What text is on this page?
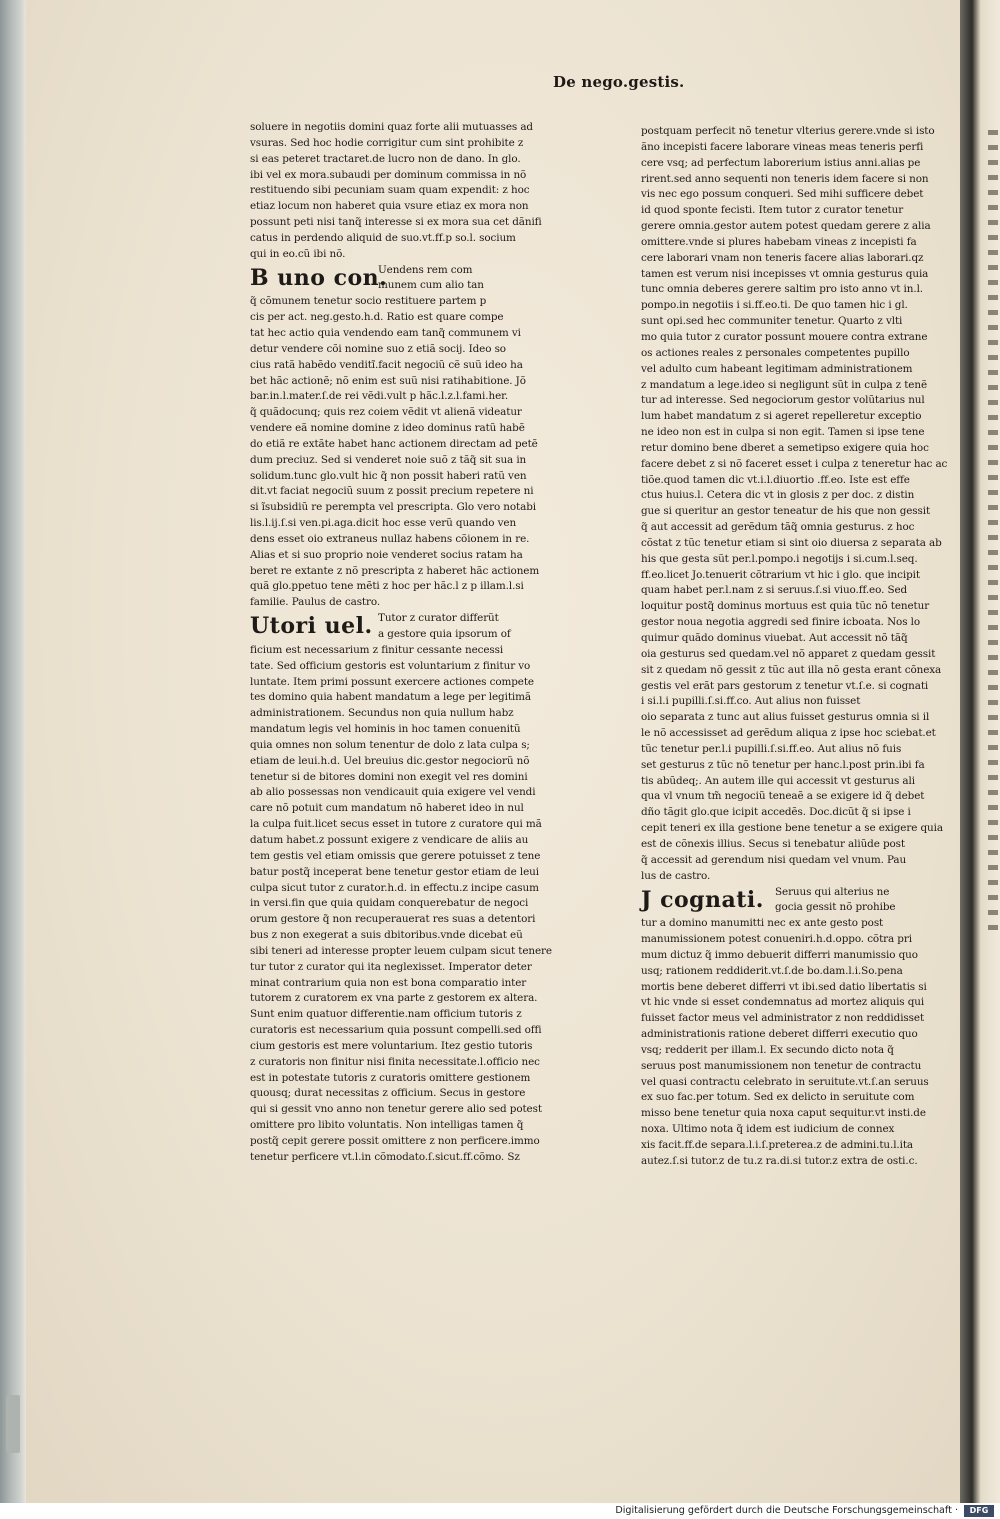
De nego.gestis.

soluere in negotiis domini quaz forte alii mutuasses ad
vsuras. Sed hoc hodie corrigitur cum sint prohibite z
si eas peteret tractaret.de lucro non de dano. In glo.
ibi vel ex mora.subaudi per dominum commissa in nõ
restituendo sibi pecuniam suam quam expendit: z hoc
etiaz locum non haberet quia vsure etiaz ex mora non
possunt peti nisi tanq̃ interesse si ex mora sua cet dãnifi
catus in perdendo aliquid de suo.vt.ff.p so.l. socium
qui in eo.cũ ibi nõ.
B uno con.
Uendens rem com
munem cum alio tan
q̃ cõmunem tenetur socio restituere partem p
cis per act. neg.gesto.h.d. Ratio est quare compe
tat hec actio quia vendendo eam tanq̃ communem vi
detur vendere cõi nomine suo z etiã socij. Ideo so
cius ratã habẽdo venditĩ.facit negociũ cẽ suũ ideo ha
bet hãc actionẽ; nõ enim est suũ nisi ratihabitione. Jõ
bar.in.l.mater.ſ.de rei vẽdi.vult p hãc.l.z.l.fami.her.
q̃ quãdocunq; quis rez coiem vẽdit vt alienã videatur
vendere eã nomine domine z ideo dominus ratũ habẽ
do etiã re extãte habet hanc actionem directam ad petẽ
dum preciuz. Sed si venderet noie suõ z tãq̃ sit sua in
solidum.tunc glo.vult hic q̃ non possit haberi ratũ ven
dit.vt faciat negociũ suum z possit precium repetere ni
si ĩsubsidiũ re perempta vel prescripta. Glo vero notabi
lis.l.ij.ſ.si ven.pi.aga.dicit hoc esse verũ quando ven
dens esset oio extraneus nullaz habens cõionem in re.
Alias et si suo proprio noie venderet socius ratam ha
beret re extante z nõ prescripta z haberet hãc actionem
quã glo.ppetuo tene mẽti z hoc per hãc.l z p illam.l.si
familie. Paulus de castro.
Utori uel. Tutor z curator differũt
a gestore quia ipsorum of
ficium est necessarium z finitur cessante necessi
tate. Sed officium gestoris est voluntarium z finitur vo
luntate. Item primi possunt exercere actiones compete
tes domino quia habent mandatum a lege per legitimã
administrationem. Secundus non quia nullum habz
mandatum legis vel hominis in hoc tamen conuenitũ
quia omnes non solum tenentur de dolo z lata culpa s;
etiam de leui.h.d. Uel breuius dic.gestor negociorũ nõ
tenetur si de bitores domini non exegit vel res domini
ab alio possessas non vendicauit quia exigere vel vendi
care nõ potuit cum mandatum nõ haberet ideo in nul
la culpa fuit.licet secus esset in tutore z curatore qui mã
datum habet.z possunt exigere z vendicare de aliis au
tem gestis vel etiam omissis que gerere potuisset z tene
batur postq̃ inceperat bene tenetur gestor etiam de leui
culpa sicut tutor z curator.h.d. in effectu.z incipe casum
in versi.fin que quia quidam conquerebatur de negoci
orum gestore q̃ non recuperauerat res suas a detentori
bus z non exegerat a suis dbitoribus.vnde dicebat eũ
sibi teneri ad interesse propter leuem culpam sicut tenere
tur tutor z curator qui ita neglexisset. Imperator deter
minat contrarium quia non est bona comparatio inter
tutorem z curatorem ex vna parte z gestorem ex altera.
Sunt enim quatuor differentie.nam officium tutoris z
curatoris est necessarium quia possunt compelli.sed offi
cium gestoris est mere voluntarium. Itez gestio tutoris
z curatoris non finitur nisi finita necessitate.l.officio nec
est in potestate tutoris z curatoris omittere gestionem
quousq; durat necessitas z officium. Secus in gestore
qui si gessit vno anno non tenetur gerere alio sed potest
omittere pro libito voluntatis. Non intelligas tamen q̃
postq̃ cepit gerere possit omittere z non perficere.immo
tenetur perficere vt.l.in cõmodato.ſ.sicut.ff.cõmo. Sz
postquam perfecit nõ tenetur vlterius gerere.vnde si isto
ãno incepisti facere laborare vineas meas teneris perfi
cere vsq; ad perfectum laborerium istius anni.alias pe
rirent.sed anno sequenti non teneris idem facere si non
vis nec ego possum conqueri. Sed mihi sufficere debet
id quod sponte fecisti. Item tutor z curator tenetur
gerere omnia.gestor autem potest quedam gerere z alia
omittere.vnde si plures habebam vineas z incepisti fa
cere laborari vnam non teneris facere alias laborari.qz
tamen est verum nisi incepisses vt omnia gesturus quia
tunc omnia deberes gerere saltim pro isto anno vt in.l.
pompo.in negotiis i si.ff.eo.ti. De quo tamen hic i gl.
sunt opi.sed hec communiter tenetur. Quarto z vlti
mo quia tutor z curator possunt mouere contra extrane
os actiones reales z personales competentes pupillo
vel adulto cum habeant legitimam administrationem
z mandatum a lege.ideo si negligunt sũt in culpa z tenẽ
tur ad interesse. Sed negociorum gestor volũtarius nul
lum habet mandatum z si ageret repelleretur exceptio
ne ideo non est in culpa si non egit. Tamen si ipse tene
retur domino bene dberet a semetipso exigere quia hoc
facere debet z si nõ faceret esset i culpa z teneretur hac ac
tiõe.quod tamen dic vt.i.l.diuortio .ff.eo. Iste est effe
ctus huius.l. Cetera dic vt in glosis z per doc. z distin
gue si queritur an gestor teneatur de his que non gessit
q̃ aut accessit ad gerẽdum tãq̃ omnia gesturus. z hoc
cõstat z tũc tenetur etiam si sint oio diuersa z separata ab
his que gesta sũt per.l.pompo.i negotijs i si.cum.l.seq.
ff.eo.licet Jo.tenuerit cõtrarium vt hic i glo. que incipit
quam habet per.l.nam z si seruus.ſ.si viuo.ff.eo. Sed
loquitur postq̃ dominus mortuus est quia tũc nõ tenetur
gestor noua negotia aggredi sed finire icboata. Nos lo
quimur quãdo dominus viuebat. Aut accessit nõ tãq̃
oia gesturus sed quedam.vel nõ apparet z quedam gessit
sit z quedam nõ gessit z tũc aut illa nõ gesta erant cõnexa
gestis vel erãt pars gestorum z tenetur vt.ſ.e. si cognati
i si.l.i pupilli.ſ.si.ff.co. Aut alius non fuisset
oio separata z tunc aut alius fuisset gesturus omnia si il
le nõ accessisset ad gerẽdum aliqua z ipse hoc sciebat.et
tũc tenetur per.l.i pupilli.ſ.si.ff.eo. Aut alius nõ fuis
set gesturus z tũc nõ tenetur per hanc.l.post prin.ibi fa
tis abũdeq;. An autem ille qui accessit vt gesturus ali
qua vl vnum tm̃ negociũ teneaẽ a se exigere id q̃ debet
dño tãgit glo.que icipit accedẽs. Doc.dicũt q̃ si ipse i
cepit teneri ex illa gestione bene tenetur a se exigere quia
est de cõnexis illius. Secus si tenebatur aliũde post
q̃ accessit ad gerendum nisi quedam vel vnum. Pau
lus de castro.
J cognati. Seruus qui alterius ne
gocia gessit nõ prohibe
tur a domino manumitti nec ex ante gesto post
manumissionem potest conueniri.h.d.oppo. cõtra pri
mum dictuz q̃ immo debuerit differri manumissio quo
usq; rationem reddiderit.vt.ſ.de bo.dam.l.i.So.pena
mortis bene deberet differri vt ibi.sed datio libertatis si
vt hic vnde si esset condemnatus ad mortez aliquis qui
fuisset factor meus vel administrator z non reddidisset
administrationis ratione deberet differri executio quo
vsq; redderit per illam.l. Ex secundo dicto nota q̃
seruus post manumissionem non tenetur de contractu
vel quasi contractu celebrato in seruitute.vt.ſ.an seruus
ex suo fac.per totum. Sed ex delicto in seruitute com
misso bene tenetur quia noxa caput sequitur.vt insti.de
noxa. Ultimo nota q̃ idem est iudicium de connex
xis facit.ff.de separa.l.i.ſ.preterea.z de admini.tu.l.ita
autez.ſ.si tutor.z de tu.z ra.di.si tutor.z extra de osti.c.

Digitalisierung gefördert durch die Deutsche Forschungsgemeinschaft ·	DFG
